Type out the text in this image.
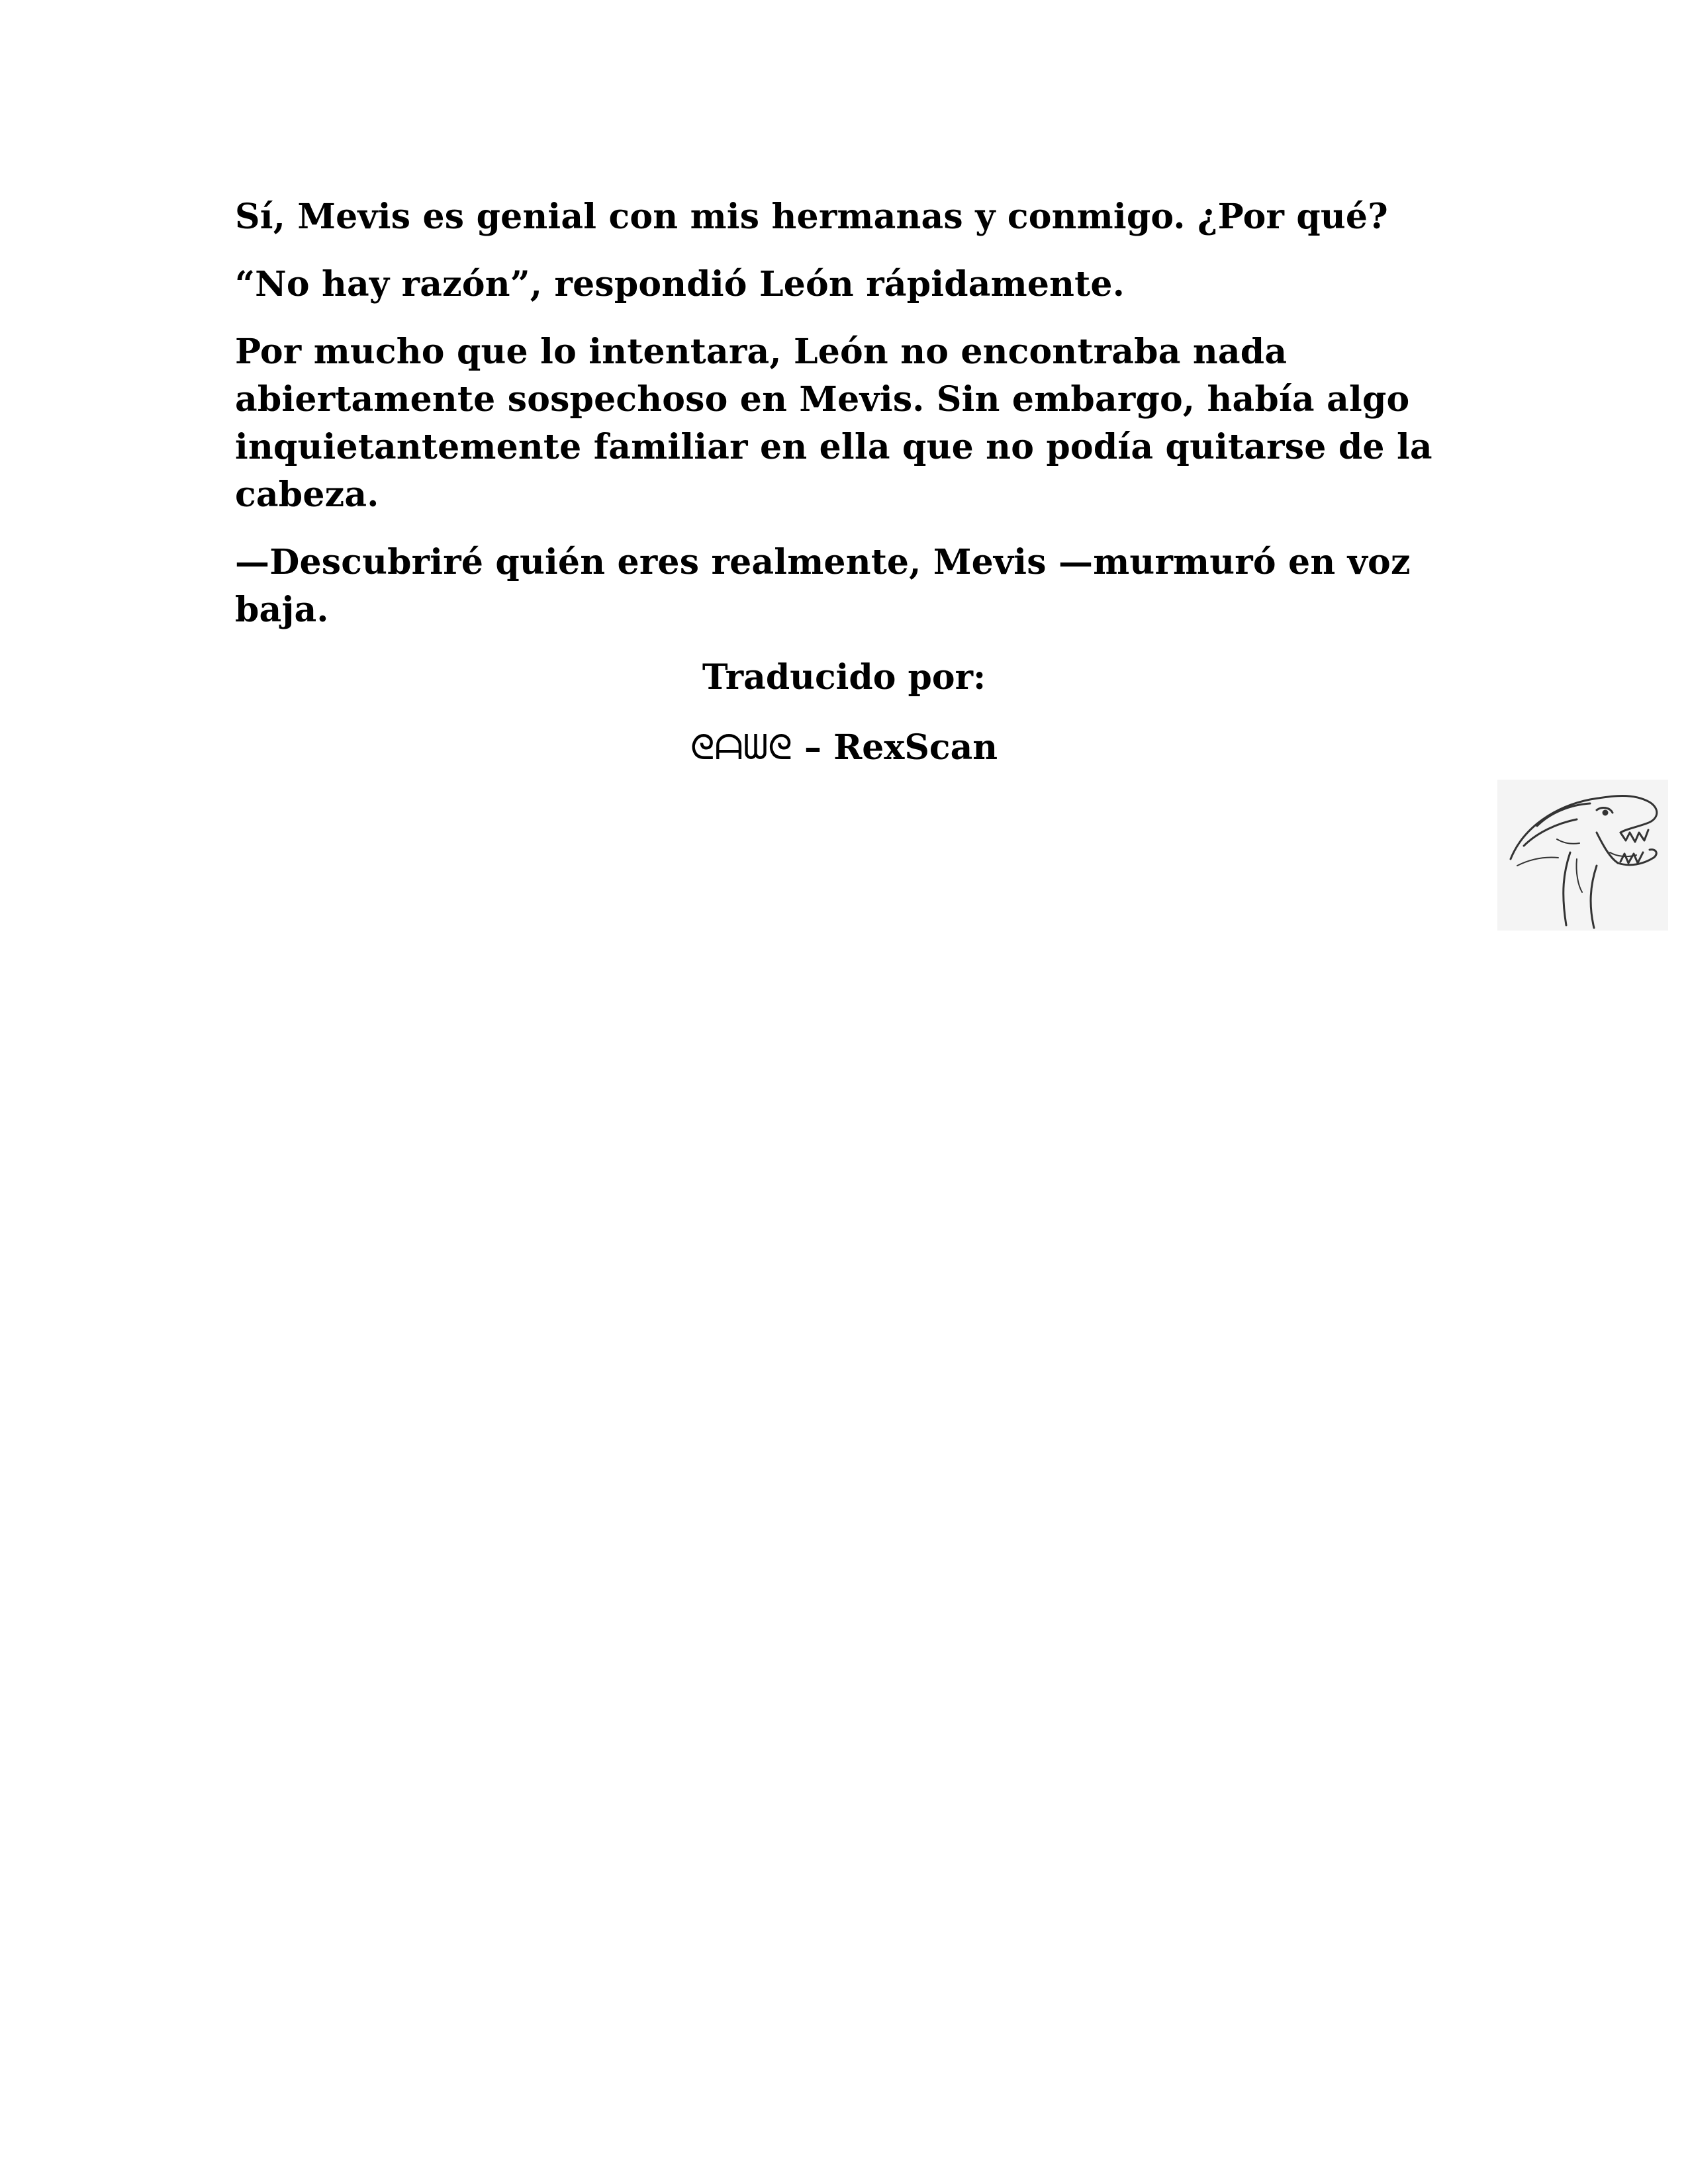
Sí, Mevis es genial con mis hermanas y conmigo. ¿Por qué?

“No hay razón”, respondió León rápidamente.

Por mucho que lo intentara, León no encontraba nada abiertamente sospechoso en Mevis. Sin embargo, había algo inquietantemente familiar en ella que no podía quitarse de la cabeza.

—Descubriré quién eres realmente, Mevis —murmuró en voz baja.

Traducido por:
ᘓᗩᗯᘓ – RexScan
